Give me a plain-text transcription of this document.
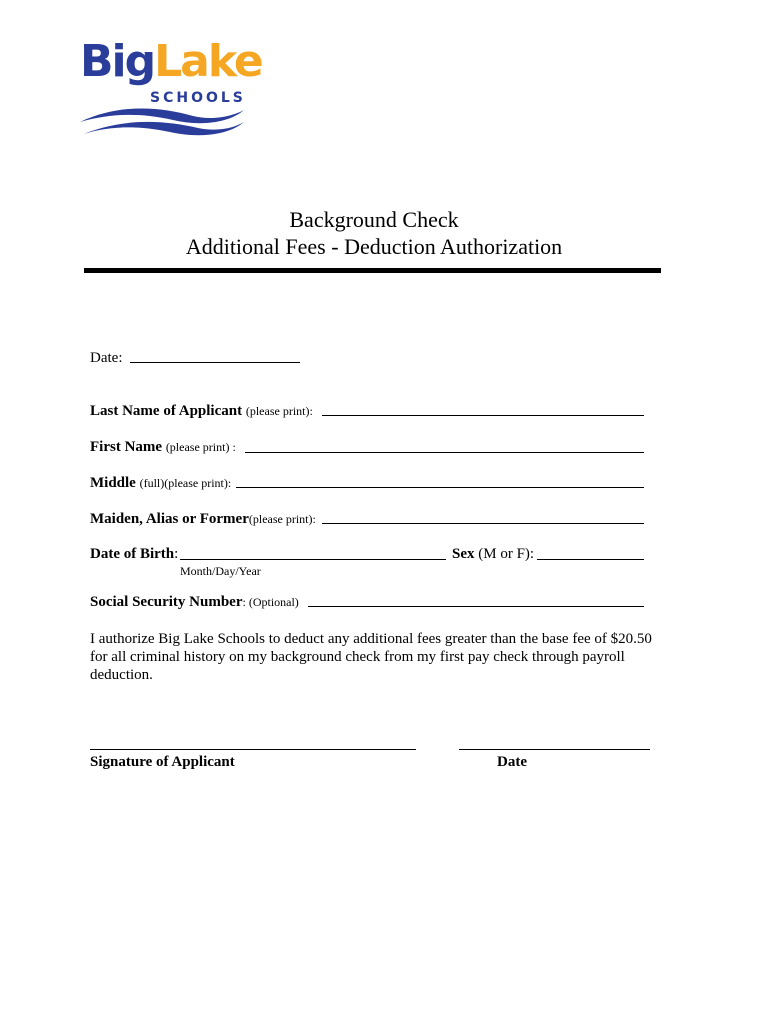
BigLake
SCHOOLS
Background Check
Additional Fees - Deduction Authorization
Date:
Last Name of Applicant (please print):
First Name (please print) :
Middle (full)(please print):
Maiden, Alias or Former(please print):
Date of Birth:
Month/Day/Year
Sex (M or F):
Social Security Number: (Optional)
I authorize Big Lake Schools to deduct any additional fees greater than the base fee of $20.50 for all criminal history on my background check from my first pay check through payroll deduction.
Signature of Applicant	Date
